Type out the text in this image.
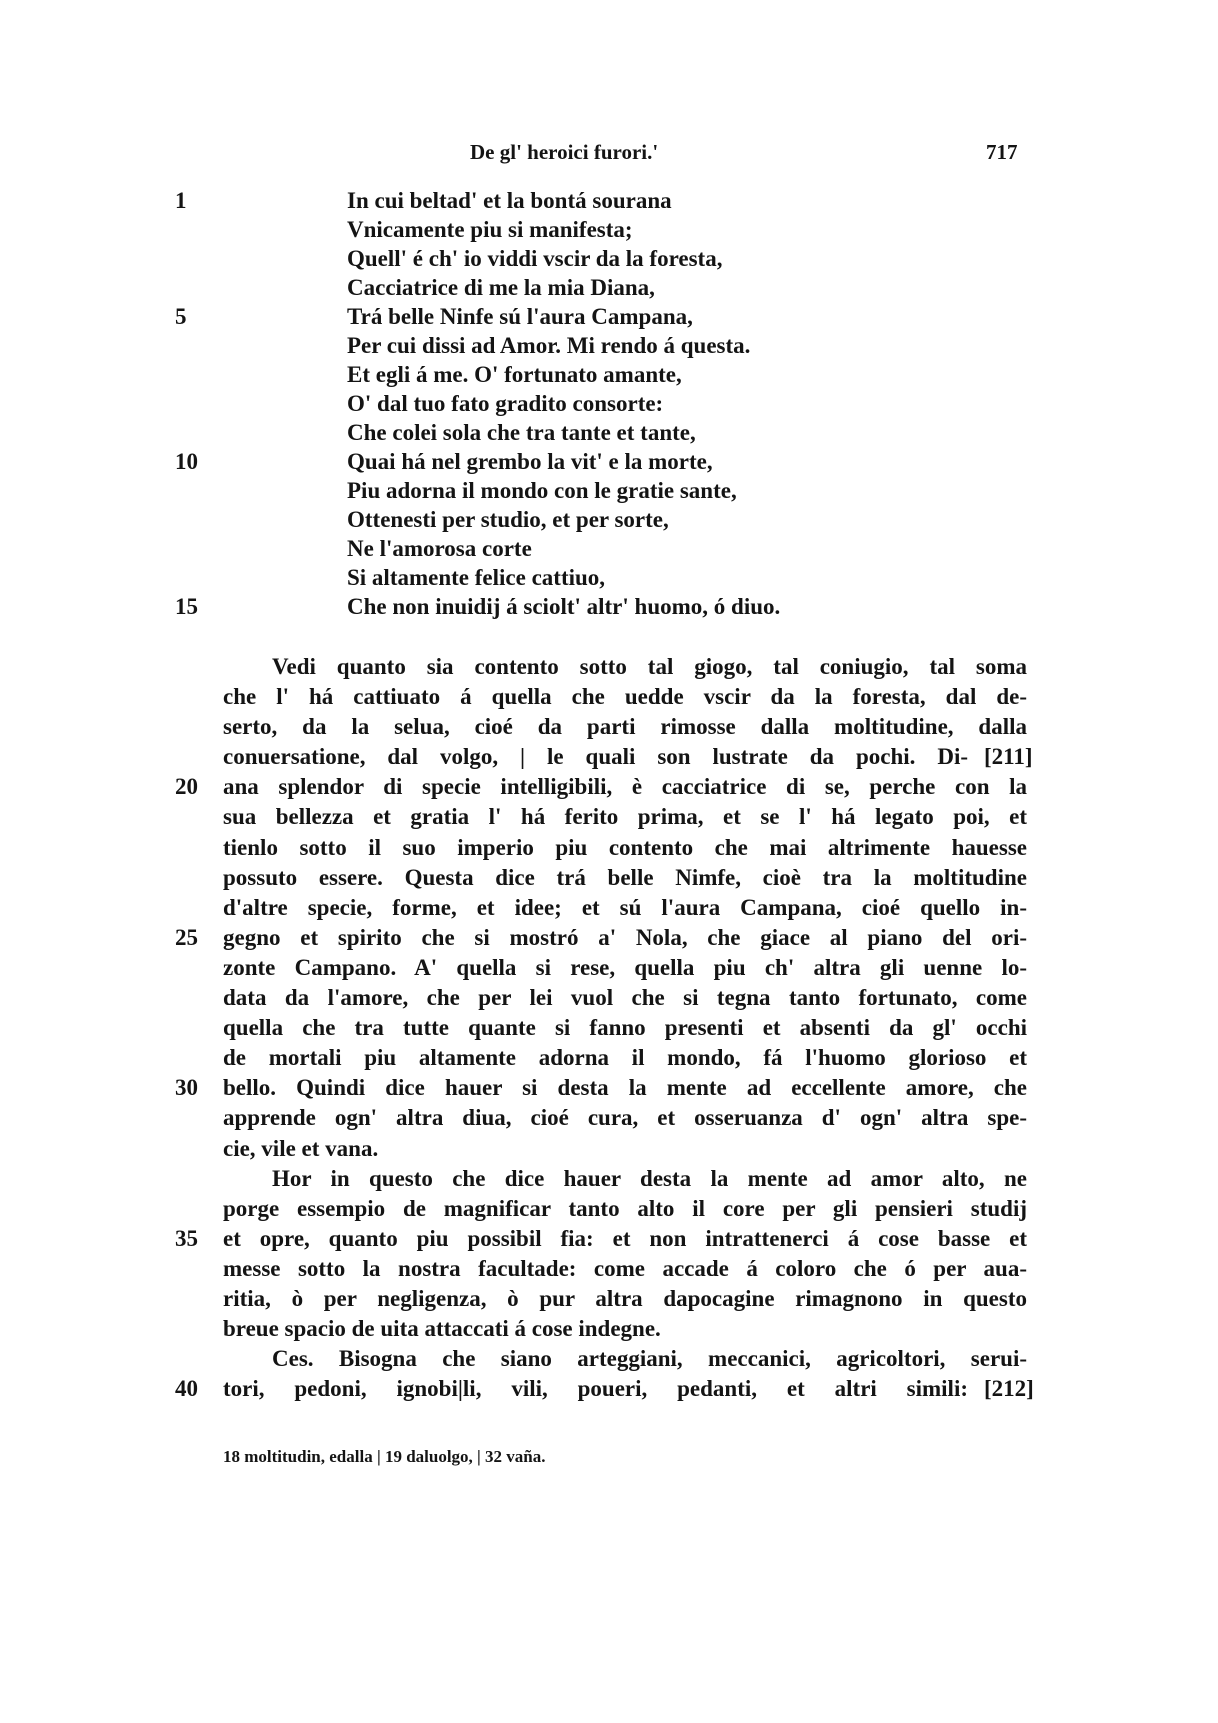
De gl' heroici furori.'	717
1	In cui beltad' et la bontá sourana
Vnicamente piu si manifesta;
Quell' é ch' io viddi vscir da la foresta,
Cacciatrice di me la mia Diana,
5	Trá belle Ninfe sú l'aura Campana,
Per cui dissi ad Amor. Mi rendo á questa.
Et egli á me. O' fortunato amante,
O' dal tuo fato gradito consorte:
Che colei sola che tra tante et tante,
10	Quai há nel grembo la vit' e la morte,
Piu adorna il mondo con le gratie sante,
Ottenesti per studio, et per sorte,
Ne l'amorosa corte
Si altamente felice cattiuo,
15	Che non inuidij á sciolt' altr' huomo, ó diuo.
Vedi quanto sia contento sotto tal giogo, tal coniugio, tal soma
che l' há cattiuato á quella che uedde vscir da la foresta, dal de-
serto, da la selua, cioé da parti rimosse dalla moltitudine, dalla
conuersatione, dal volgo, | le quali son lustrate da pochi. Di- [211]
20 ana splendor di specie intelligibili, è cacciatrice di se, perche con la
sua bellezza et gratia l' há ferito prima, et se l' há legato poi, et
tienlo sotto il suo imperio piu contento che mai altrimente hauesse
possuto essere. Questa dice trá belle Nimfe, cioè tra la moltitudine
d'altre specie, forme, et idee; et sú l'aura Campana, cioé quello in-
25 gegno et spirito che si mostró a' Nola, che giace al piano del ori-
zonte Campano. A' quella si rese, quella piu ch' altra gli uenne lo-
data da l'amore, che per lei vuol che si tegna tanto fortunato, come
quella che tra tutte quante si fanno presenti et absenti da gl' occhi
de mortali piu altamente adorna il mondo, fá l'huomo glorioso et
30 bello. Quindi dice hauer si desta la mente ad eccellente amore, che
apprende ogn' altra diua, cioé cura, et osseruanza d' ogn' altra spe-
cie, vile et vana.
Hor in questo che dice hauer desta la mente ad amor alto, ne
porge essempio de magnificar tanto alto il core per gli pensieri studij
35 et opre, quanto piu possibil fia: et non intrattenerci á cose basse et
messe sotto la nostra facultade: come accade á coloro che ó per aua-
ritia, ò per negligenza, ò pur altra dapocagine rimagnono in questo
breue spacio de uita attaccati á cose indegne.
Ces. Bisogna che siano arteggiani, meccanici, agricoltori, serui-
40 tori, pedoni, ignobi|li, vili, poueri, pedanti, et altri simili: [212]
18 moltitudin, edalla | 19 daluolgo, | 32 vaña.
